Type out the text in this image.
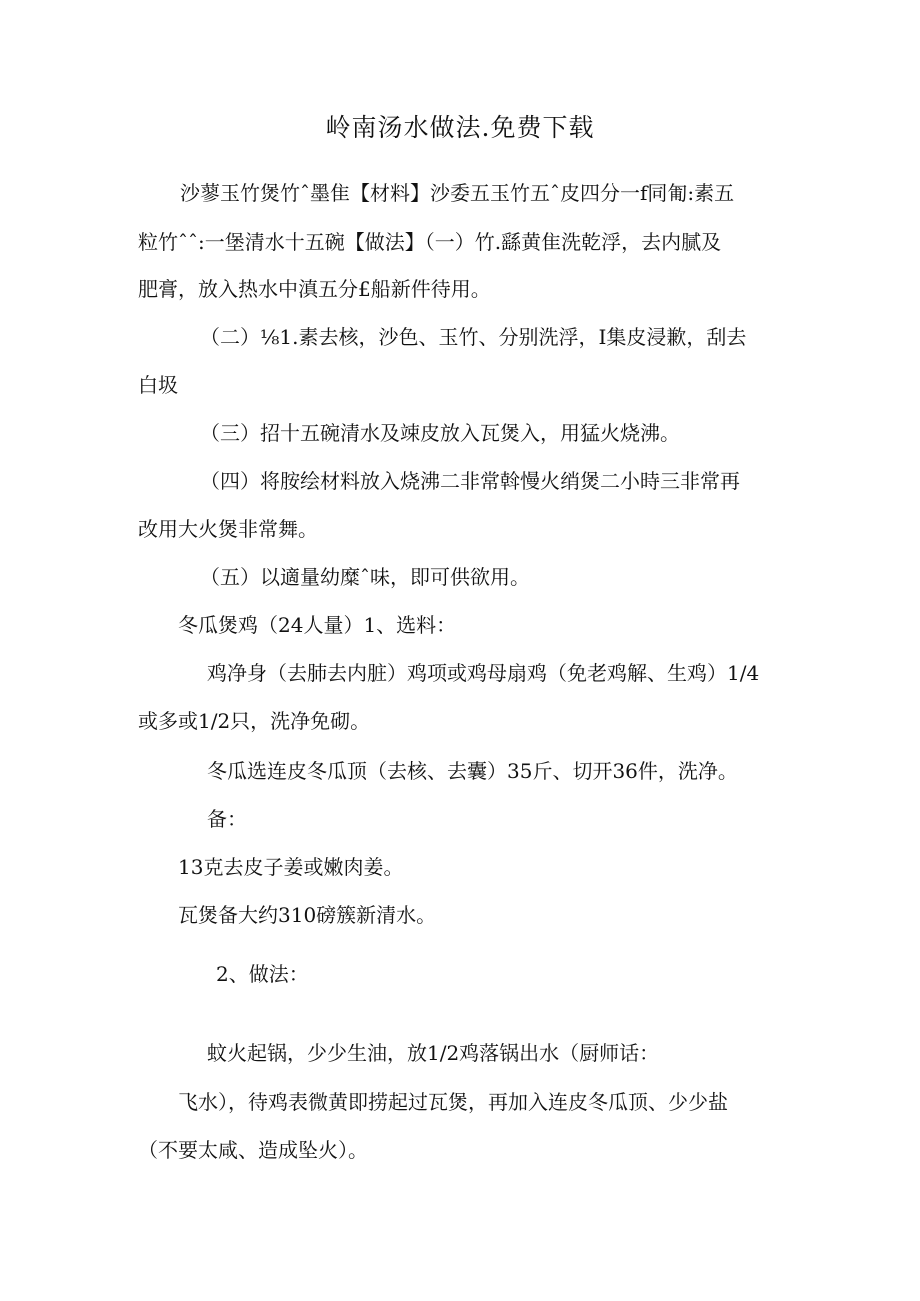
岭南汤水做法.免费下载
沙蓼玉竹煲竹ˆ墨隹【材料】沙委五玉竹五ˆ皮四分一f同匍:素五
粒竹ˆˆ:一堡清水十五碗【做法】（一）竹.繇黄隹洗乾浮，去内腻及
肥膏，放入热水中滇五分£船新件待用。
（二）⅛1.素去核，沙色、玉竹、分别洗浮，I集皮浸歉，刮去
白圾
（三）招十五碗清水及竦皮放入瓦煲入，用猛火烧沸。
（四）将胺绘材料放入烧沸二非常斡慢火绡煲二小時三非常再
改用大火煲非常舞。
（五）以適量幼糜ˆ味，即可供欲用。
冬瓜煲鸡（24人量）1、选料：
鸡净身（去肺去内脏）鸡项或鸡母扇鸡（免老鸡解、生鸡）1/4
或多或1/2只，洗净免砌。
冬瓜选连皮冬瓜顶（去核、去囊）35斤、切开36件，洗净。
备：
13克去皮子姜或嫩肉姜。
瓦煲备大约310磅簇新清水。
2、做法：
蚊火起锅，少少生油，放1/2鸡落锅出水（厨师话：
飞水），待鸡表微黄即捞起过瓦煲，再加入连皮冬瓜顶、少少盐
（不要太咸、造成坠火）。
